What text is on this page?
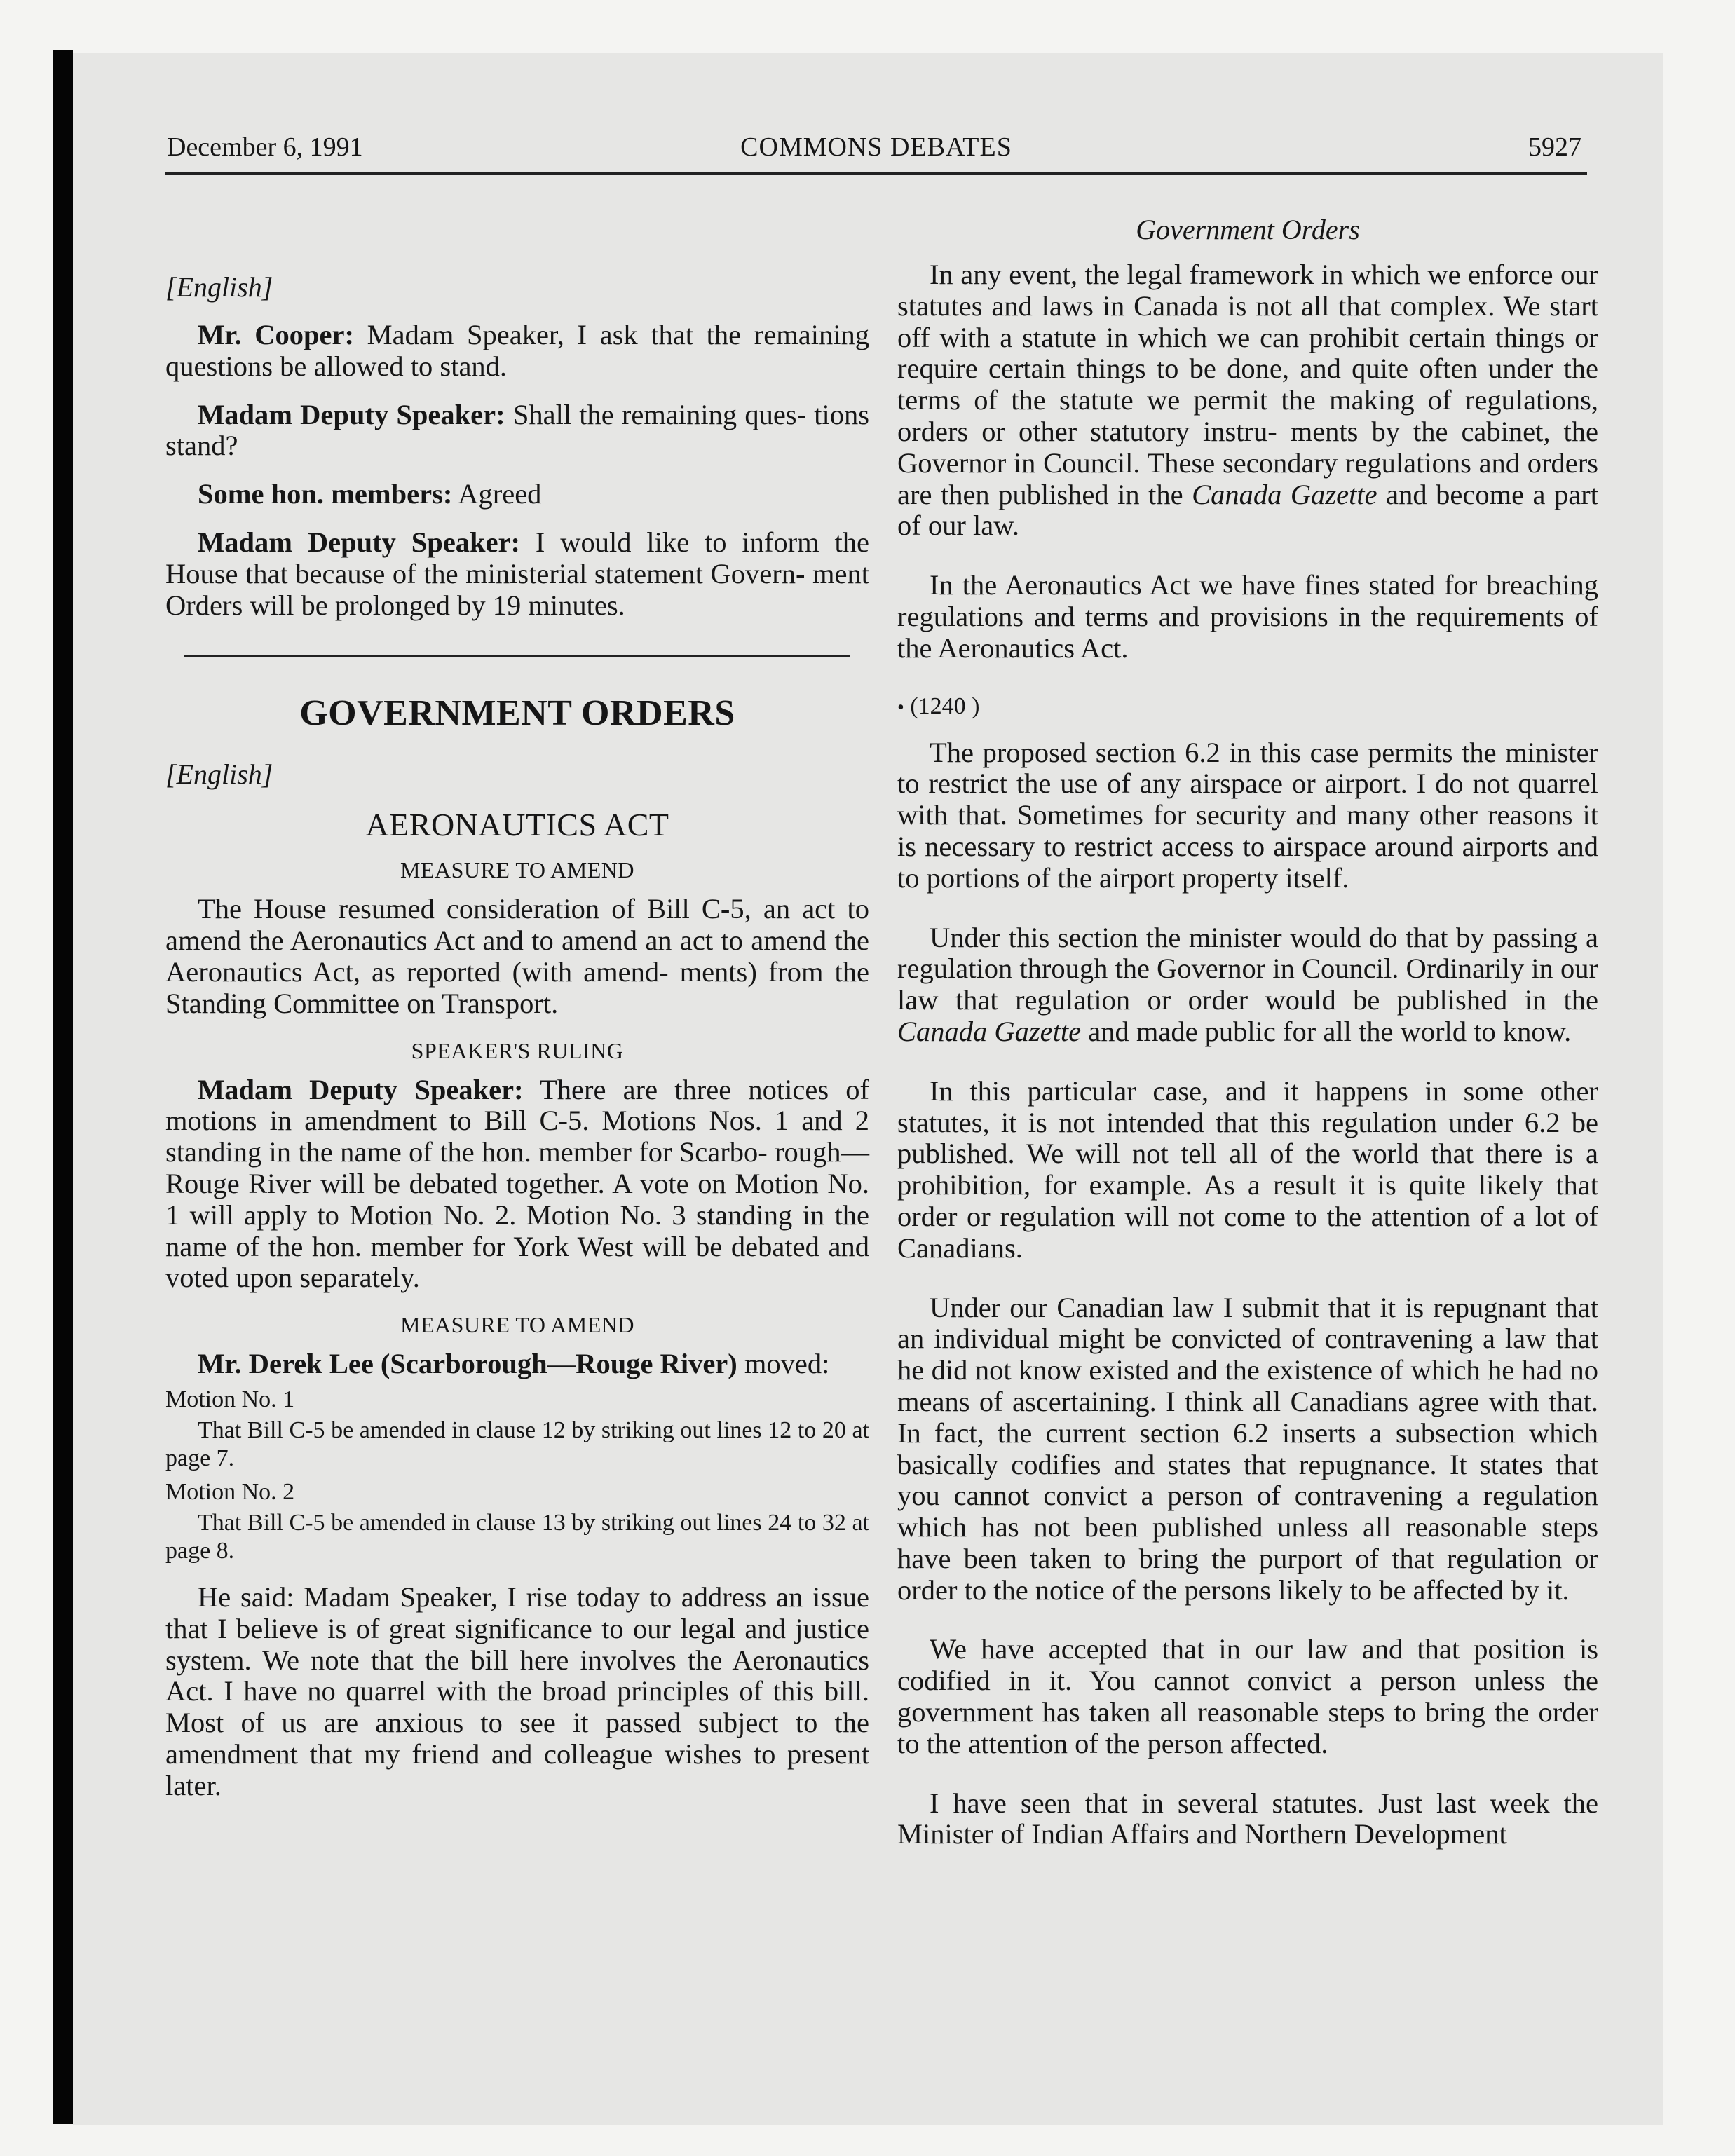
December 6, 1991	COMMONS DEBATES	5927
[English]

Mr. Cooper: Madam Speaker, I ask that the remaining questions be allowed to stand.

Madam Deputy Speaker: Shall the remaining ques- tions stand?

Some hon. members: Agreed

Madam Deputy Speaker: I would like to inform the House that because of the ministerial statement Govern- ment Orders will be prolonged by 19 minutes.

GOVERNMENT ORDERS
[English]
AERONAUTICS ACT
MEASURE TO AMEND

The House resumed consideration of Bill C-5, an act to amend the Aeronautics Act and to amend an act to amend the Aeronautics Act, as reported (with amend- ments) from the Standing Committee on Transport.

SPEAKER'S RULING

Madam Deputy Speaker: There are three notices of motions in amendment to Bill C-5. Motions Nos. 1 and 2 standing in the name of the hon. member for Scarbo- rough—Rouge River will be debated together. A vote on Motion No. 1 will apply to Motion No. 2. Motion No. 3 standing in the name of the hon. member for York West will be debated and voted upon separately.

MEASURE TO AMEND

Mr. Derek Lee (Scarborough—Rouge River) moved:

Motion No. 1
That Bill C-5 be amended in clause 12 by striking out lines 12 to 20 at page 7.
Motion No. 2
That Bill C-5 be amended in clause 13 by striking out lines 24 to 32 at page 8.

He said: Madam Speaker, I rise today to address an issue that I believe is of great significance to our legal and justice system. We note that the bill here involves the Aeronautics Act. I have no quarrel with the broad principles of this bill. Most of us are anxious to see it passed subject to the amendment that my friend and colleague wishes to present later.

Government Orders

In any event, the legal framework in which we enforce our statutes and laws in Canada is not all that complex. We start off with a statute in which we can prohibit certain things or require certain things to be done, and quite often under the terms of the statute we permit the making of regulations, orders or other statutory instru- ments by the cabinet, the Governor in Council. These secondary regulations and orders are then published in the Canada Gazette and become a part of our law.

In the Aeronautics Act we have fines stated for breaching regulations and terms and provisions in the requirements of the Aeronautics Act.

• (1240 )

The proposed section 6.2 in this case permits the minister to restrict the use of any airspace or airport. I do not quarrel with that. Sometimes for security and many other reasons it is necessary to restrict access to airspace around airports and to portions of the airport property itself.

Under this section the minister would do that by passing a regulation through the Governor in Council. Ordinarily in our law that regulation or order would be published in the Canada Gazette and made public for all the world to know.

In this particular case, and it happens in some other statutes, it is not intended that this regulation under 6.2 be published. We will not tell all of the world that there is a prohibition, for example. As a result it is quite likely that order or regulation will not come to the attention of a lot of Canadians.

Under our Canadian law I submit that it is repugnant that an individual might be convicted of contravening a law that he did not know existed and the existence of which he had no means of ascertaining. I think all Canadians agree with that. In fact, the current section 6.2 inserts a subsection which basically codifies and states that repugnance. It states that you cannot convict a person of contravening a regulation which has not been published unless all reasonable steps have been taken to bring the purport of that regulation or order to the notice of the persons likely to be affected by it.

We have accepted that in our law and that position is codified in it. You cannot convict a person unless the government has taken all reasonable steps to bring the order to the attention of the person affected.

I have seen that in several statutes. Just last week the Minister of Indian Affairs and Northern Development
